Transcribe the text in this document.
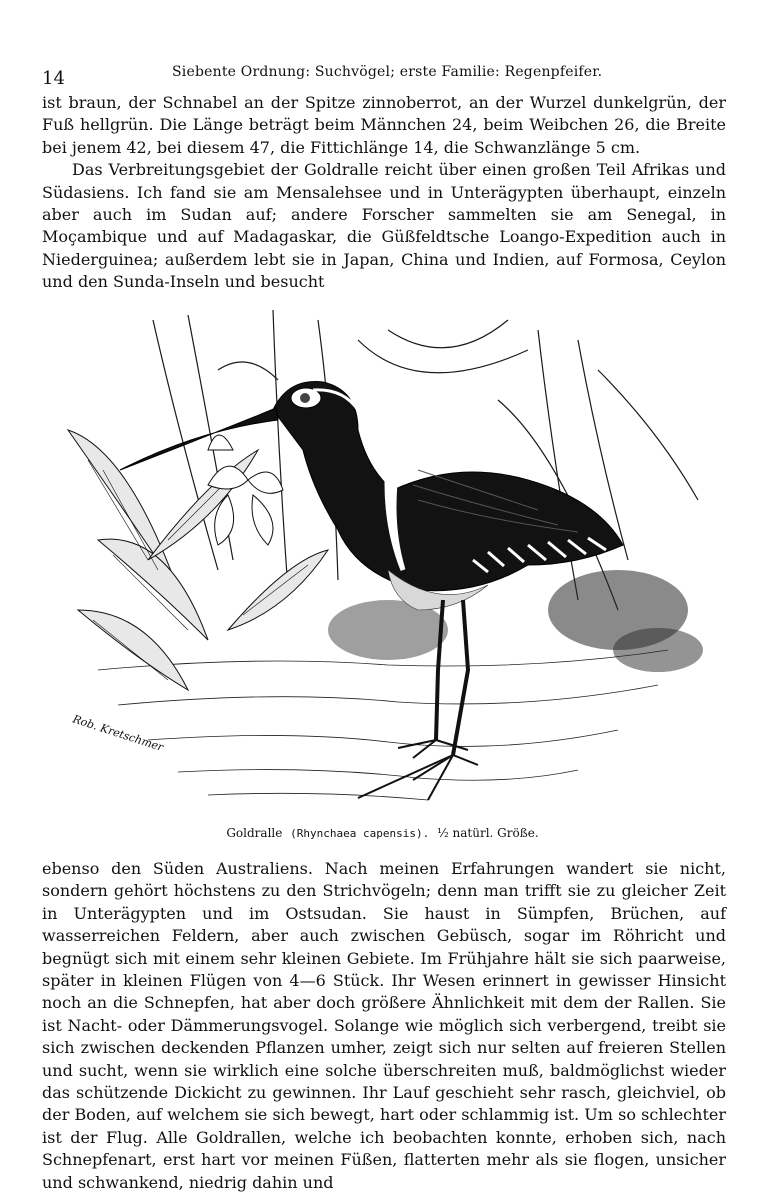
14	Siebente Ordnung: Suchvögel; erste Familie: Regenpfeifer.

ist braun, der Schnabel an der Spitze zinnoberrot, an der Wurzel dunkelgrün, der Fuß hellgrün. Die Länge beträgt beim Männchen 24, beim Weibchen 26, die Breite bei jenem 42, bei diesem 47, die Fittichlänge 14, die Schwanzlänge 5 cm.

Das Verbreitungsgebiet der Goldralle reicht über einen großen Teil Afrikas und Südasiens. Ich fand sie am Mensalehsee und in Unterägypten überhaupt, einzeln aber auch im Sudan auf; andere Forscher sammelten sie am Senegal, in Moçambique und auf Madagaskar, die Güßfeldtsche Loango-Expedition auch in Niederguinea; außerdem lebt sie in Japan, China und Indien, auf Formosa, Ceylon und den Sunda-Inseln und besucht

Rob. Kretschmer
Goldralle (Rhynchaea capensis). ½ natürl. Größe.

ebenso den Süden Australiens. Nach meinen Erfahrungen wandert sie nicht, sondern gehört höchstens zu den Strichvögeln; denn man trifft sie zu gleicher Zeit in Unterägypten und im Ostsudan. Sie haust in Sümpfen, Brüchen, auf wasserreichen Feldern, aber auch zwischen Gebüsch, sogar im Röhricht und begnügt sich mit einem sehr kleinen Gebiete. Im Frühjahre hält sie sich paarweise, später in kleinen Flügen von 4—6 Stück. Ihr Wesen erinnert in gewisser Hinsicht noch an die Schnepfen, hat aber doch größere Ähnlichkeit mit dem der Rallen. Sie ist Nacht- oder Dämmerungsvogel. Solange wie möglich sich verbergend, treibt sie sich zwischen deckenden Pflanzen umher, zeigt sich nur selten auf freieren Stellen und sucht, wenn sie wirklich eine solche überschreiten muß, baldmöglichst wieder das schützende Dickicht zu gewinnen. Ihr Lauf geschieht sehr rasch, gleichviel, ob der Boden, auf welchem sie sich bewegt, hart oder schlammig ist. Um so schlechter ist der Flug. Alle Goldrallen, welche ich beobachten konnte, erhoben sich, nach Schnepfenart, erst hart vor meinen Füßen, flatterten mehr als sie flogen, unsicher und schwankend, niedrig dahin und
